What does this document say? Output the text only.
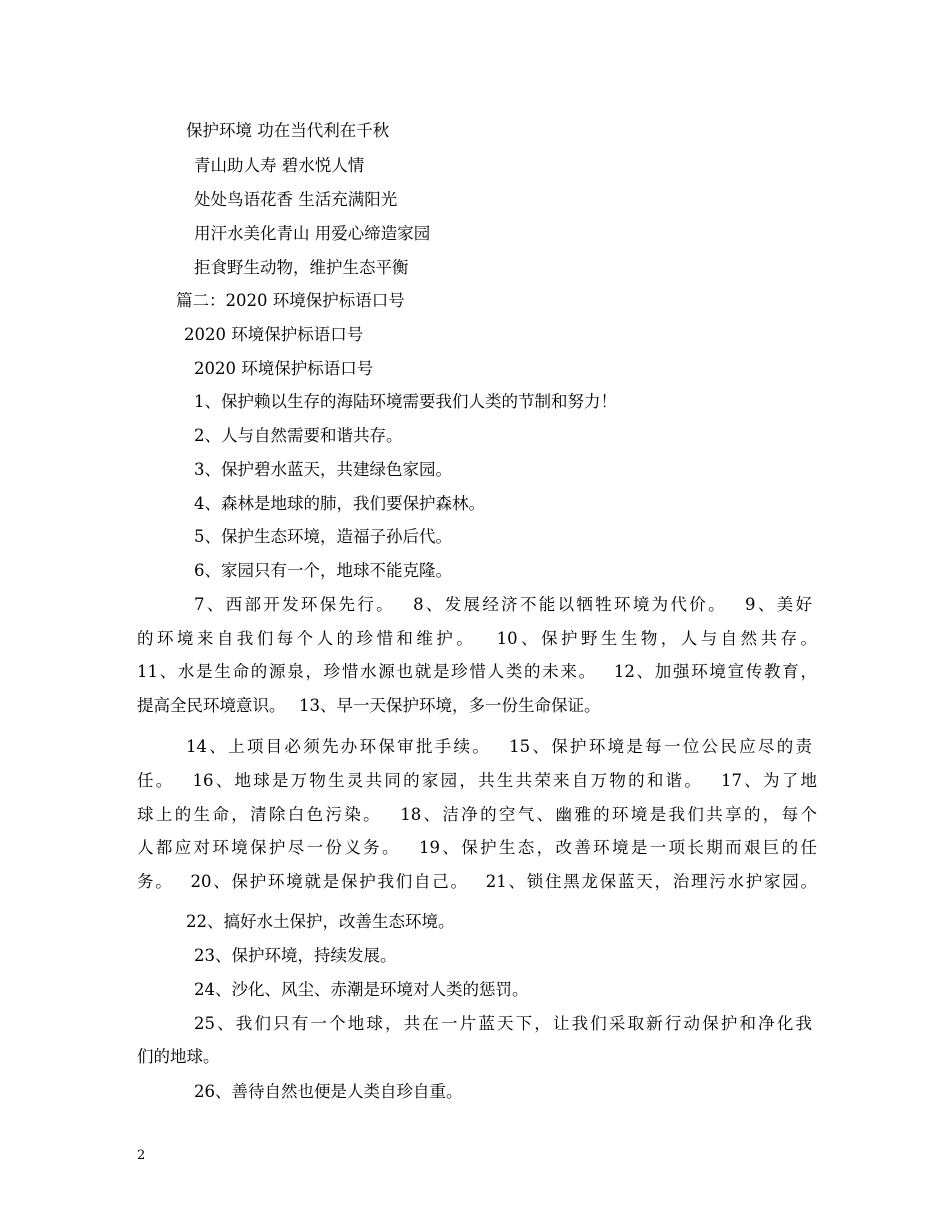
保护环境 功在当代利在千秋
青山助人寿 碧水悦人情
处处鸟语花香 生活充满阳光
用汗水美化青山 用爱心缔造家园
拒食野生动物，维护生态平衡
篇二：2020 环境保护标语口号
2020 环境保护标语口号
2020 环境保护标语口号
1、保护赖以生存的海陆环境需要我们人类的节制和努力！
2、人与自然需要和谐共存。
3、保护碧水蓝天，共建绿色家园。
4、森林是地球的肺，我们要保护森林。
5、保护生态环境，造福子孙后代。
6、家园只有一个，地球不能克隆。
7、西部开发环保先行。　 8、发展经济不能以牺牲环境为代价。　 9、美好
的环境来自我们每个人的珍惜和维护。　 10、保护野生生物，人与自然共存。
11、水是生命的源泉，珍惜水源也就是珍惜人类的未来。　 12、加强环境宣传教育，
提高全民环境意识。　 13、早一天保护环境，多一份生命保证。
14、上项目必须先办环保审批手续。　 15、保护环境是每一位公民应尽的责
任。　 16、地球是万物生灵共同的家园，共生共荣来自万物的和谐。　 17、为了地
球上的生命，清除白色污染。　 18、洁净的空气、幽雅的环境是我们共享的，每个
人都应对环境保护尽一份义务。　 19、保护生态，改善环境是一项长期而艰巨的任
务。　 20、保护环境就是保护我们自己。　 21、锁住黑龙保蓝天，治理污水护家园。
22、搞好水土保护，改善生态环境。
23、保护环境，持续发展。
24、沙化、风尘、赤潮是环境对人类的惩罚。
25、我们只有一个地球，共在一片蓝天下，让我们采取新行动保护和净化我
们的地球。
26、善待自然也便是人类自珍自重。
2
